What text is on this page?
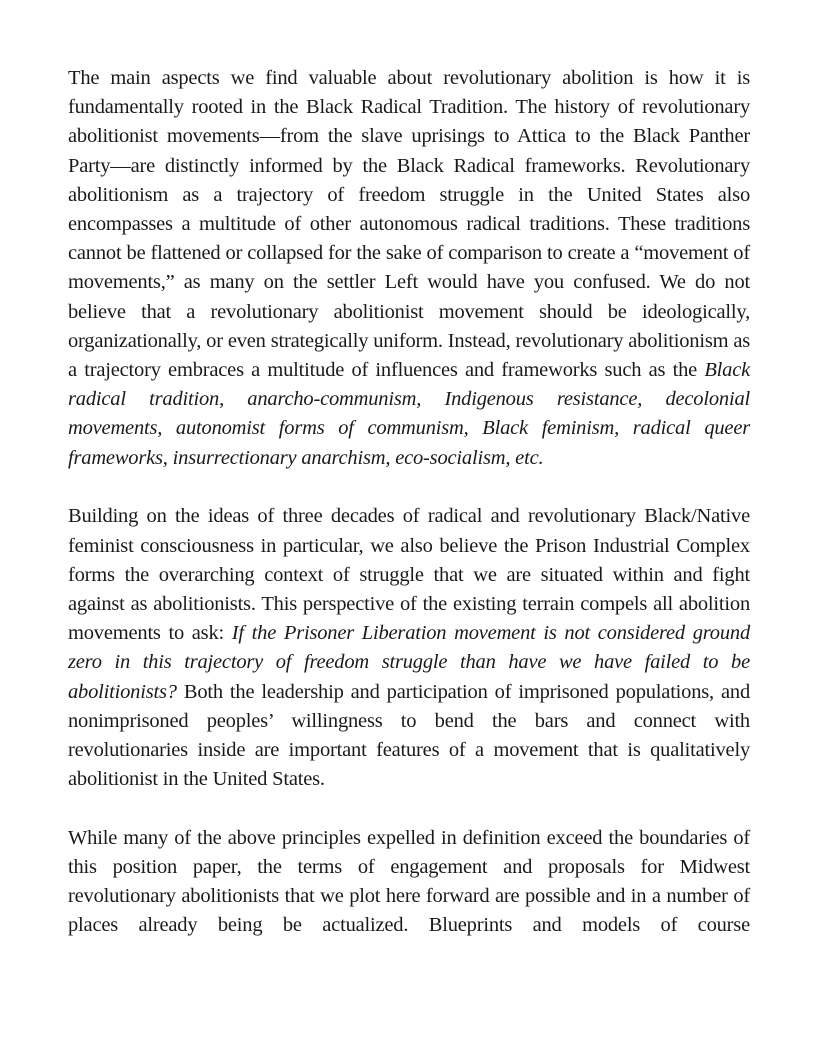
The main aspects we find valuable about revolutionary abolition is how it is fundamentally rooted in the Black Radical Tradition. The history of revolutionary abolitionist movements—from the slave uprisings to Attica to the Black Panther Party—are distinctly informed by the Black Radical frameworks. Revolutionary abolitionism as a trajectory of freedom struggle in the United States also encompasses a multitude of other autonomous radical traditions. These traditions cannot be flattened or collapsed for the sake of comparison to create a “movement of movements,” as many on the settler Left would have you confused. We do not believe that a revolutionary abolitionist movement should be ideologically, organizationally, or even strategically uniform. Instead, revolutionary abolitionism as a trajectory embraces a multitude of influences and frameworks such as the Black radical tradition, anarcho-communism, Indigenous resistance, decolonial movements, autonomist forms of communism, Black feminism, radical queer frameworks, insurrectionary anarchism, eco-socialism, etc.

Building on the ideas of three decades of radical and revolutionary Black/Native feminist consciousness in particular, we also believe the Prison Industrial Complex forms the overarching context of struggle that we are situated within and fight against as abolitionists. This perspective of the existing terrain compels all abolition movements to ask: If the Prisoner Liberation movement is not considered ground zero in this trajectory of freedom struggle than have we have failed to be abolitionists? Both the leadership and participation of imprisoned populations, and nonimprisoned peoples’ willingness to bend the bars and connect with revolutionaries inside are important features of a movement that is qualitatively abolitionist in the United States.

While many of the above principles expelled in definition exceed the boundaries of this position paper, the terms of engagement and proposals for Midwest revolutionary abolitionists that we plot here forward are possible and in a number of places already being be actualized. Blueprints and models of course
